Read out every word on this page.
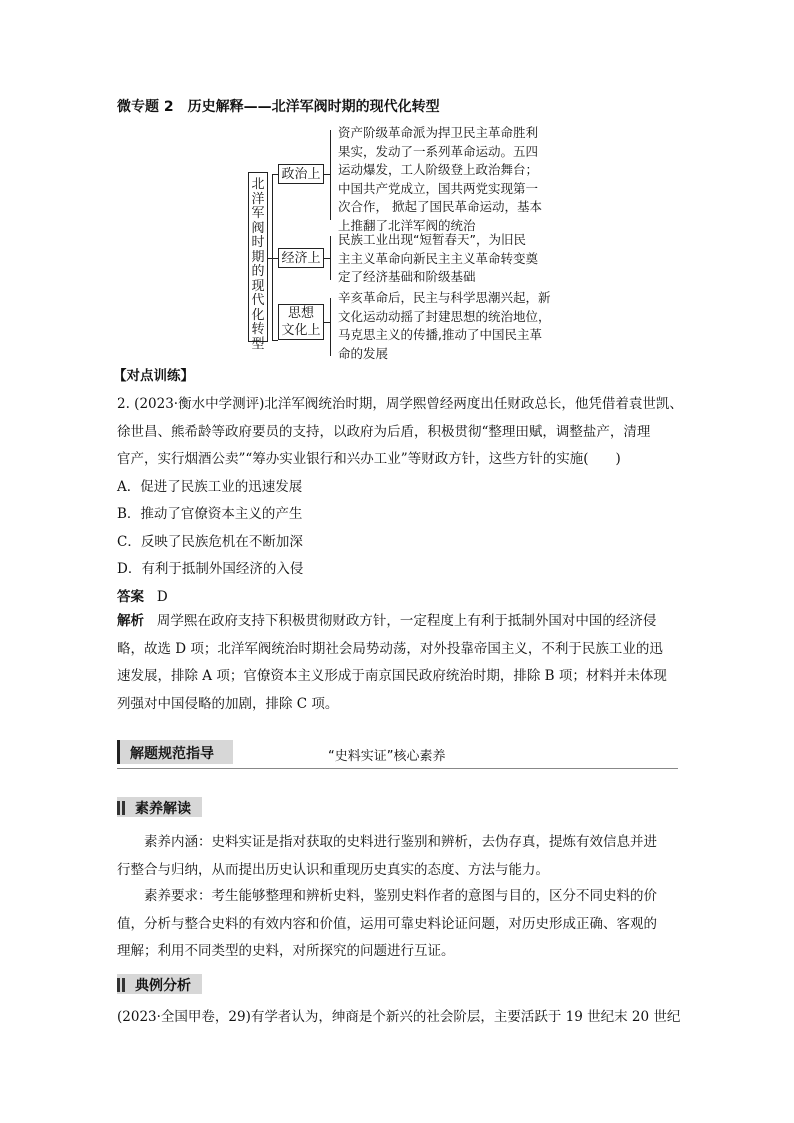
微专题 2 历史解释——北洋军阀时期的现代化转型
北
洋
军
阀
时
期
的
现
代
化
转
型
政治上
资产阶级革命派为捍卫民主革命胜利
果实，发动了一系列革命运动。五四
运动爆发，工人阶级登上政治舞台；
中国共产党成立，国共两党实现第一
次合作， 掀起了国民革命运动，基本
上推翻了北洋军阀的统治
经济上
民族工业出现“短暂春天”，为旧民
主主义革命向新民主主义革命转变奠
定了经济基础和阶级基础
思想
文化上
辛亥革命后，民主与科学思潮兴起，新
文化运动动摇了封建思想的统治地位，
马克思主义的传播,推动了中国民主革
命的发展
【对点训练】
2. (2023·衡水中学测评)北洋军阀统治时期，周学熙曾经两度出任财政总长，他凭借着袁世凯、
徐世昌、熊希龄等政府要员的支持，以政府为后盾，积极贯彻“整理田赋，调整盐产，清理
官产，实行烟酒公卖”“筹办实业银行和兴办工业”等财政方针，这些方针的实施(　　)
A．促进了民族工业的迅速发展
B．推动了官僚资本主义的产生
C．反映了民族危机在不断加深
D．有利于抵制外国经济的入侵
答案 D
解析 周学熙在政府支持下积极贯彻财政方针，一定程度上有利于抵制外国对中国的经济侵
略，故选 D 项；北洋军阀统治时期社会局势动荡，对外投靠帝国主义，不利于民族工业的迅
速发展，排除 A 项；官僚资本主义形成于南京国民政府统治时期，排除 B 项；材料并未体现
列强对中国侵略的加剧，排除 C 项。
解题规范指导	“史料实证”核心素养
素养解读
素养内涵：史料实证是指对获取的史料进行鉴别和辨析，去伪存真，提炼有效信息并进
行整合与归纳，从而提出历史认识和重现历史真实的态度、方法与能力。
素养要求：考生能够整理和辨析史料，鉴别史料作者的意图与目的，区分不同史料的价
值，分析与整合史料的有效内容和价值，运用可靠史料论证问题，对历史形成正确、客观的
理解；利用不同类型的史料，对所探究的问题进行互证。
典例分析
(2023·全国甲卷，29)有学者认为，绅商是个新兴的社会阶层，主要活跃于 19 世纪末 20 世纪
